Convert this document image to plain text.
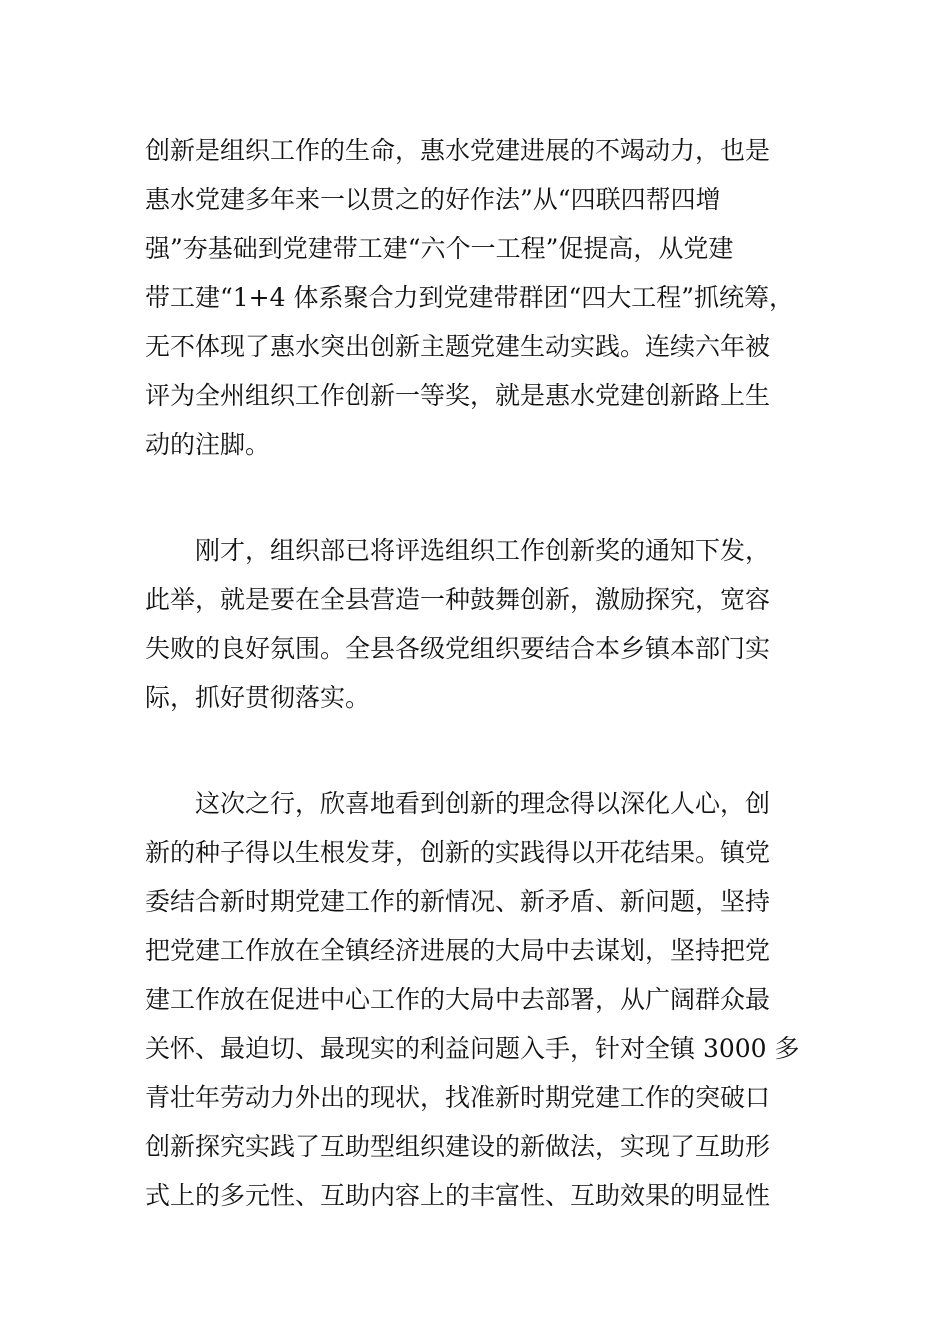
创新是组织工作的生命，惠水党建进展的不竭动力，也是
惠水党建多年来一以贯之的好作法”从“四联四帮四增
强”夯基础到党建带工建“六个一工程”促提高，从党建
带工建“1+4 体系聚合力到党建带群团“四大工程”抓统筹，
无不体现了惠水突出创新主题党建生动实践。连续六年被
评为全州组织工作创新一等奖，就是惠水党建创新路上生
动的注脚。
刚才，组织部已将评选组织工作创新奖的通知下发，
此举，就是要在全县营造一种鼓舞创新，激励探究，宽容
失败的良好氛围。全县各级党组织要结合本乡镇本部门实
际，抓好贯彻落实。
这次之行，欣喜地看到创新的理念得以深化人心，创
新的种子得以生根发芽，创新的实践得以开花结果。镇党
委结合新时期党建工作的新情况、新矛盾、新问题，坚持
把党建工作放在全镇经济进展的大局中去谋划，坚持把党
建工作放在促进中心工作的大局中去部署，从广阔群众最
关怀、最迫切、最现实的利益问题入手，针对全镇 3000 多
青壮年劳动力外出的现状，找准新时期党建工作的突破口
创新探究实践了互助型组织建设的新做法，实现了互助形
式上的多元性、互助内容上的丰富性、互助效果的明显性
